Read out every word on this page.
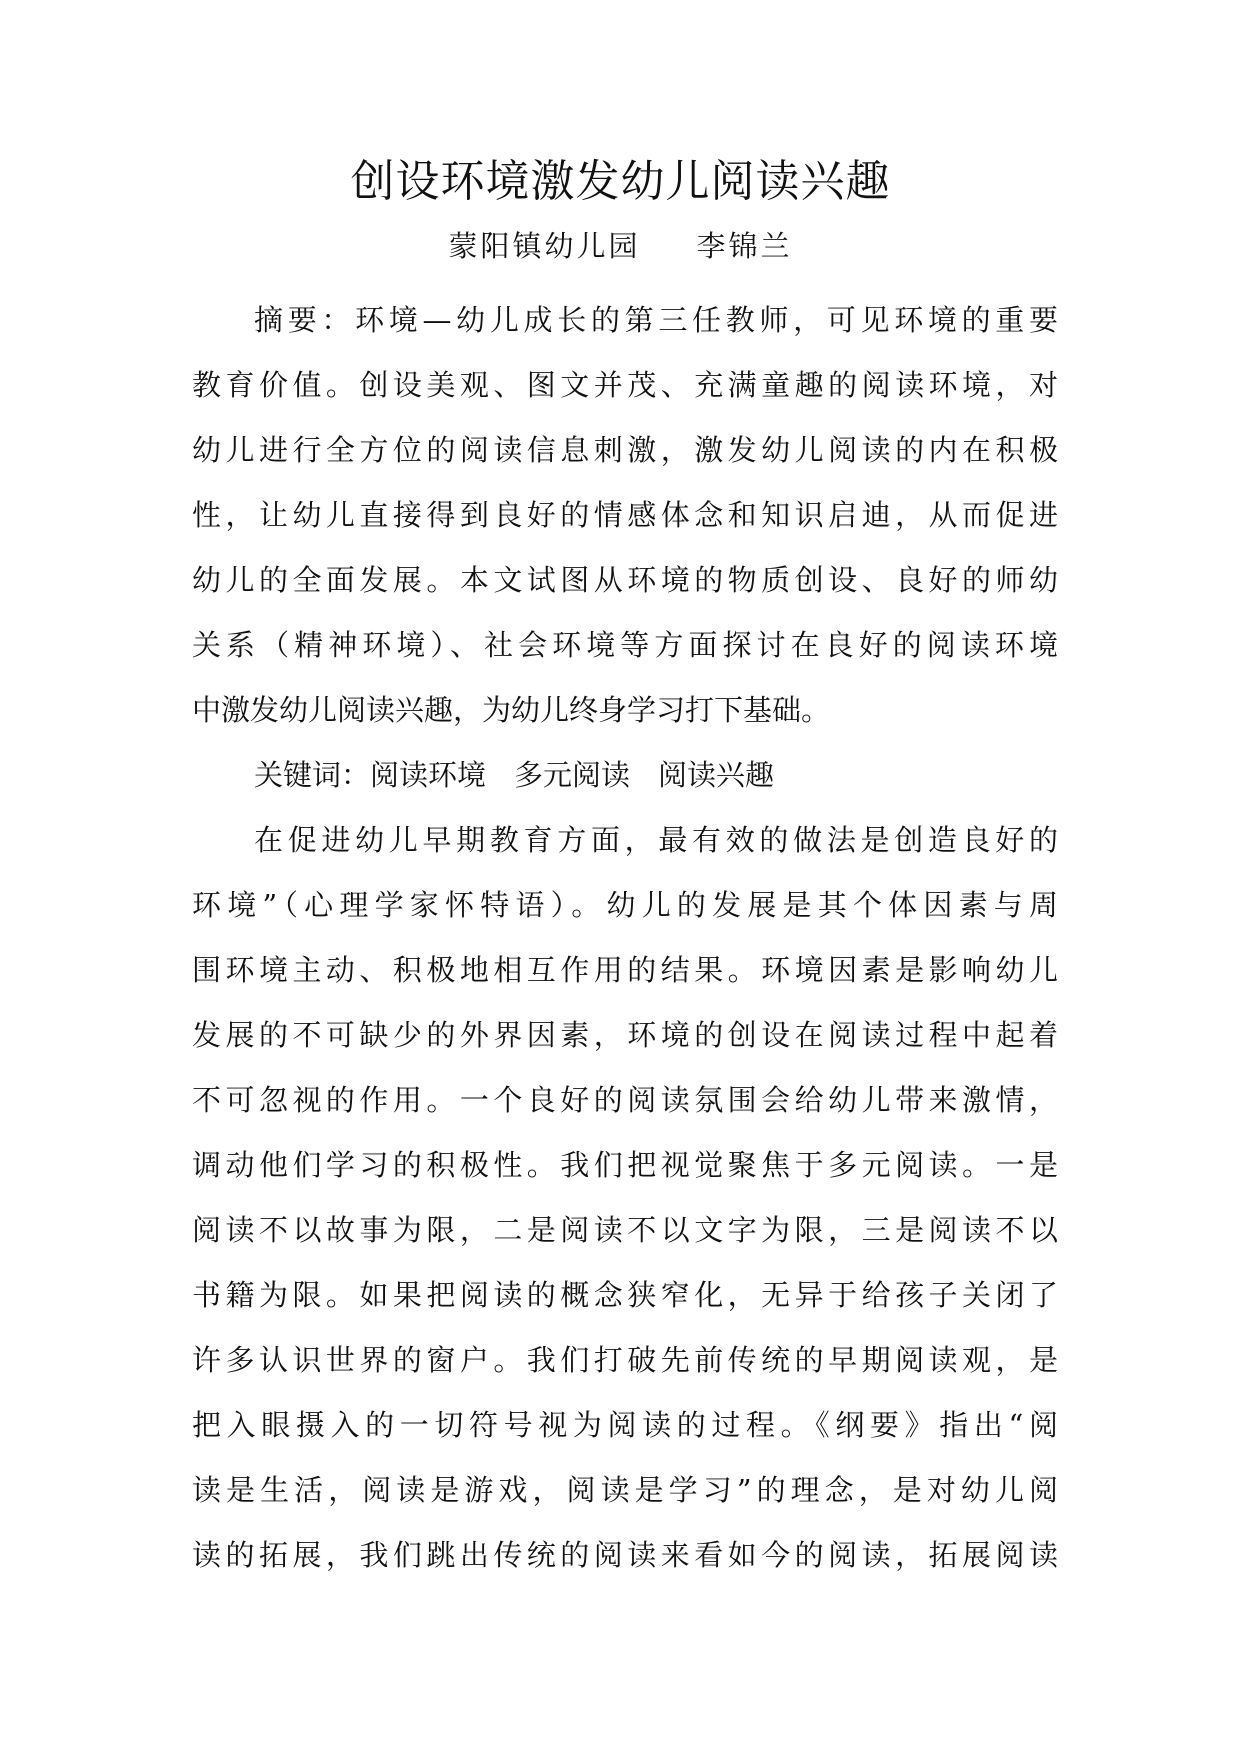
创设环境激发幼儿阅读兴趣
蒙阳镇幼儿园 李锦兰
摘要：环境—幼儿成长的第三任教师，可见环境的重要
教育价值。创设美观、图文并茂、充满童趣的阅读环境，对
幼儿进行全方位的阅读信息刺激，激发幼儿阅读的内在积极
性，让幼儿直接得到良好的情感体念和知识启迪，从而促进
幼儿的全面发展。本文试图从环境的物质创设、良好的师幼
关系（精神环境）、社会环境等方面探讨在良好的阅读环境
中激发幼儿阅读兴趣，为幼儿终身学习打下基础。
关键词：阅读环境 多元阅读 阅读兴趣
在促进幼儿早期教育方面，最有效的做法是创造良好的
环境”（心理学家怀特语）。幼儿的发展是其个体因素与周
围环境主动、积极地相互作用的结果。环境因素是影响幼儿
发展的不可缺少的外界因素，环境的创设在阅读过程中起着
不可忽视的作用。一个良好的阅读氛围会给幼儿带来激情，
调动他们学习的积极性。我们把视觉聚焦于多元阅读。一是
阅读不以故事为限，二是阅读不以文字为限，三是阅读不以
书籍为限。如果把阅读的概念狭窄化，无异于给孩子关闭了
许多认识世界的窗户。我们打破先前传统的早期阅读观，是
把入眼摄入的一切符号视为阅读的过程。《纲要》指出“阅
读是生活，阅读是游戏，阅读是学习”的理念，是对幼儿阅
读的拓展，我们跳出传统的阅读来看如今的阅读，拓展阅读
